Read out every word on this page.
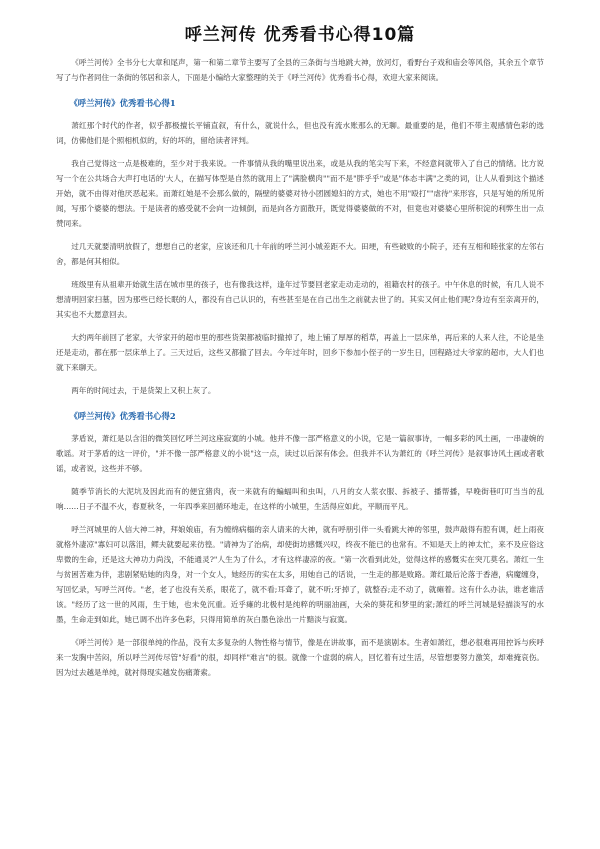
呼兰河传 优秀看书心得10篇

《呼兰河传》全书分七大章和尾声，第一和第二章节主要写了全县的三条街与当地跳大神，放河灯，看野台子戏和庙会等风俗，其余五个章节写了与作者同住一条街的邻居和亲人，下面是小编给大家整理的关于《呼兰河传》优秀看书心得，欢迎大家来阅读。

《呼兰河传》优秀看书心得1

萧红那个时代的作者，似乎都极擅长平铺直叙，有什么，就说什么，但也没有流水账那么的无聊。最重要的是，他们不带主观感情色彩的选词，仿佛他们是个照相机似的，好的坏的，留给读者评判。

我自己觉得这一点是极难的，至少对于我来说。一件事情从我的嘴里说出来，或是从我的笔尖写下来，不经意间就带入了自己的情绪。比方说写一个在公共场合大声打电话的'大人，在描写体型是自然的就用上了"满脸横肉""而不是"胖乎乎"或是"体态丰满"之类的词，让人从看到这个描述开始，就不由得对他厌恶起来。而萧红她是不会那么做的，隔壁的婆婆对待小团圆媳妇的方式，她也不用"殴打""虐待"来形容，只是写她的所见所闻，写那个婆婆的想法。于是读者的感受就不会向一边倾倒，而是向各方面散开，既觉得婆婆做的不对，但竟也对婆婆心里所积淀的利弊生出一点赞同来。

过几天就要清明放假了，想想自己的老家，应该还和几十年前的呼兰河小城差距不大。田埂，有些破败的小院子，还有互相和睦张家的左邻右舍，都是何其相似。

班级里有从祖辈开始就生活在城市里的孩子，也有像我这样，逢年过节要回老家走动走动的，祖籍农村的孩子。中午休息的时候，有几人说不想清明回家扫墓，因为那些已经长眠的人，都没有自己认识的，有些甚至是在自己出生之前就去世了的。其实又何止他们呢?身边有至亲离开的，其实也不大愿意回去。

大约两年前回了老家，大爷家开的超市里的那些货架都被临时撤掉了，地上铺了厚厚的稻草，再盖上一层床单，再后来的人来人往，不论是坐还是走动，都在那一层床单上了。三天过后，这些又都撤了回去。今年过年时，回乡下参加小侄子的一岁生日，回程路过大爷家的超市，大人们也就下来聊天。

两年的时间过去，于是货架上又积上灰了。

《呼兰河传》优秀看书心得2

茅盾说，萧红是以含泪的微笑回忆呼兰河这座寂寞的小城。他并不像一部严格意义的小说，它是一篇叙事诗，一幅多彩的风土画，一串凄婉的歌谣。对于茅盾的这一评价，"并不像一部严格意义的小说"这一点，读过以后深有体会。但我并不认为萧红的《呼兰河传》是叙事诗风土画或者歌谣，或者说，这些并不够。

随季节消长的大泥坑及因此而有的便宜猪肉，夜一来就有的蝙蝠叫和虫叫，八月的女人浆衣服、拆被子、播帮播，早晚街巷叮叮当当的乱响……日子不温不火，春夏秋冬，一年四季来回循环地走，在这样的小城里，生活得应如此，平顺而平凡。

呼兰河城里的人信大神二神，拜娘娘庙，有为缠绵病榻的亲人请来的大神，就有呼朋引伴一头看跳大神的邻里，鼓声敲得有腔有调，赶上雨夜就格外凄凉"寡妇可以落泪，鳏夫就要起来彷徨。"请神为了治病，却使街坊感慨兴叹，终夜不能已的也常有。不知是天上的神太忙，来不及应俗这卑微的生命，还是这大神功力尚浅，不能通灵?"人生为了什么，才有这样凄凉的夜。"第一次看到此处，觉得这样的感慨实在突兀莫名。萧红一生与贫困苦难为伴，悲剧紧贴她的肉身，对一个女人，她经历的实在太多，用她自己的话说，一生走的都是败路。萧红最后沦落于香港，病魔缠身，写回忆录，写呼兰河传。"老，老了也没有关系，眼花了，就不看;耳聋了，就不听;牙掉了，就整吞;走不动了，就瘫着。这有什么办法，谁老谁活该。"经历了这一世的风雨，生于她，也未免沉重。近乎瘫的北极村是纯粹的明丽油画，大朵的葵花和梦里的家;萧红的呼兰河城是轻描淡写的水墨，生命走到如此，她已调不出许多色彩，只得用简单的灰白墨色涂出一片黯淡与寂寞。

《呼兰河传》是一部很单纯的作品，没有太多复杂的人物性格与情节，像是在讲故事，而不是演剧本。生者如萧红，想必很难再用控诉与疾呼来一发胸中苦闷，所以呼兰河传尽管"好看"的很，却同样"难言"的很。就像一个虚弱的病人，回忆着有过生活，尽管想要努力激笑，却难掩哀伤。因为过去越是单纯，就衬得现实越发伤痛萧索。
